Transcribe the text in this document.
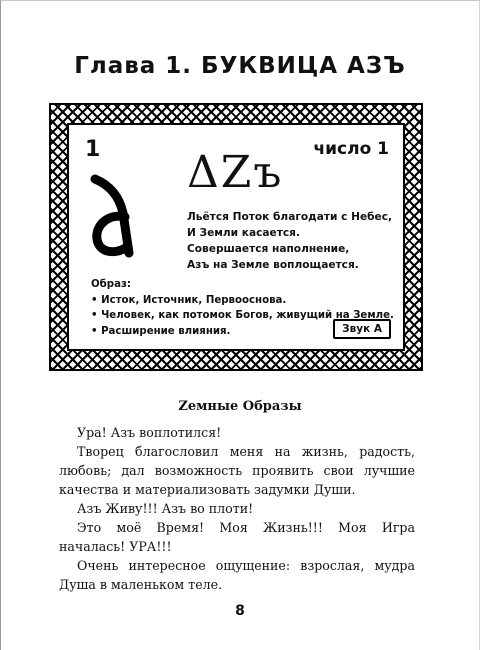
Глава 1. БУКВИЦА АЗЪ
1	число 1
ΔZъ
Льётся Поток благодати с Небес,
И Земли касается.
Совершается наполнение,
Азъ на Земле воплощается.
Образ:
• Исток, Источник, Первооснова.
• Человек, как потомок Богов, живущий на Земле.
• Расширение влияния.	Звук А
Zемные Образы

Ура! Азъ воплотился!

Творец благословил меня на жизнь, радость, любовь; дал возможность проявить свои лучшие качества и материализовать задумки Души.

Азъ Живу!!! Азъ во плоти!

Это моё Время! Моя Жизнь!!! Моя Игра началась! УРА!!!

Очень интересное ощущение: взрослая, мудра Душа в маленьком теле.

8
